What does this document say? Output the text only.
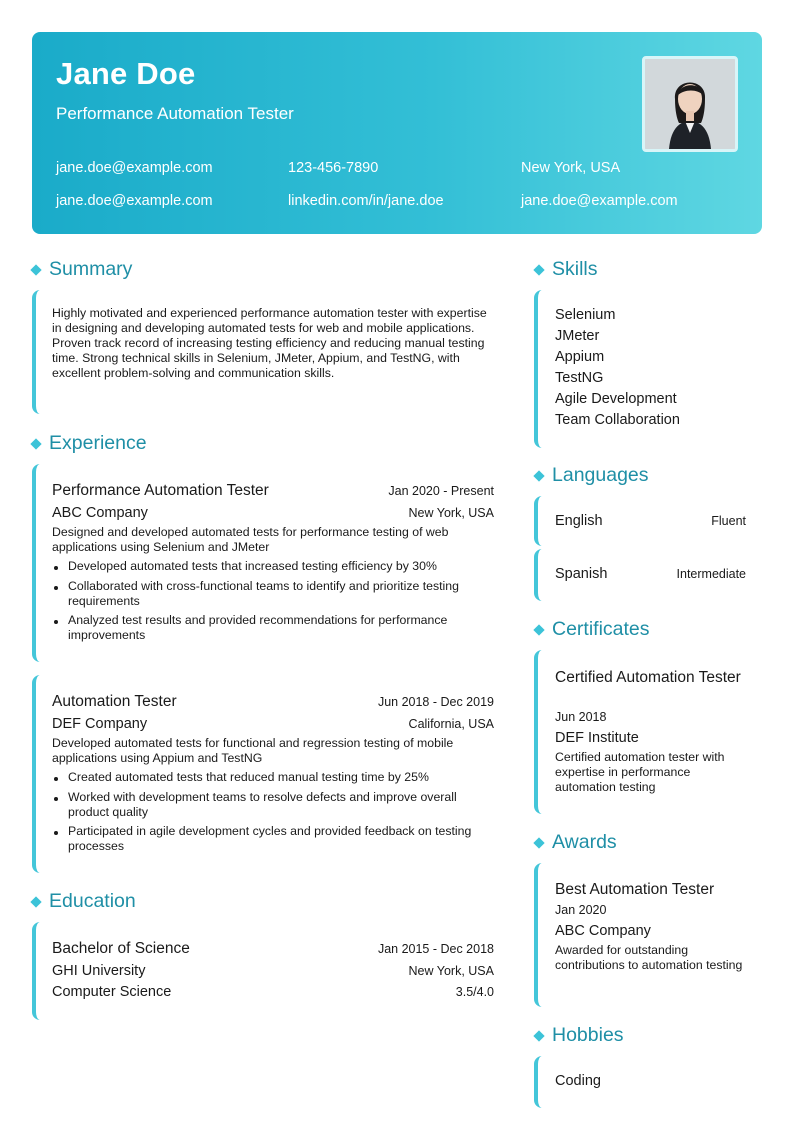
Jane Doe
Performance Automation Tester
jane.doe@example.com	123-456-7890	New York, USA
jane.doe@example.com	linkedin.com/in/jane.doe	jane.doe@example.com
Summary
Highly motivated and experienced performance automation tester with expertise in designing and developing automated tests for web and mobile applications. Proven track record of increasing testing efficiency and reducing manual testing time. Strong technical skills in Selenium, JMeter, Appium, and TestNG, with excellent problem-solving and communication skills.
Experience
Performance Automation Tester	Jan 2020 - Present
ABC Company	New York, USA
Designed and developed automated tests for performance testing of web applications using Selenium and JMeter
Developed automated tests that increased testing efficiency by 30%
Collaborated with cross-functional teams to identify and prioritize testing requirements
Analyzed test results and provided recommendations for performance improvements
Automation Tester	Jun 2018 - Dec 2019
DEF Company	California, USA
Developed automated tests for functional and regression testing of mobile applications using Appium and TestNG
Created automated tests that reduced manual testing time by 25%
Worked with development teams to resolve defects and improve overall product quality
Participated in agile development cycles and provided feedback on testing processes
Education
Bachelor of Science	Jan 2015 - Dec 2018
GHI University	New York, USA
Computer Science	3.5/4.0
Skills
Selenium
JMeter
Appium
TestNG
Agile Development
Team Collaboration
Languages
English	Fluent
Spanish	Intermediate
Certificates
Certified Automation Tester
Jun 2018
DEF Institute
Certified automation tester with expertise in performance automation testing
Awards
Best Automation Tester
Jan 2020
ABC Company
Awarded for outstanding contributions to automation testing
Hobbies
Coding
